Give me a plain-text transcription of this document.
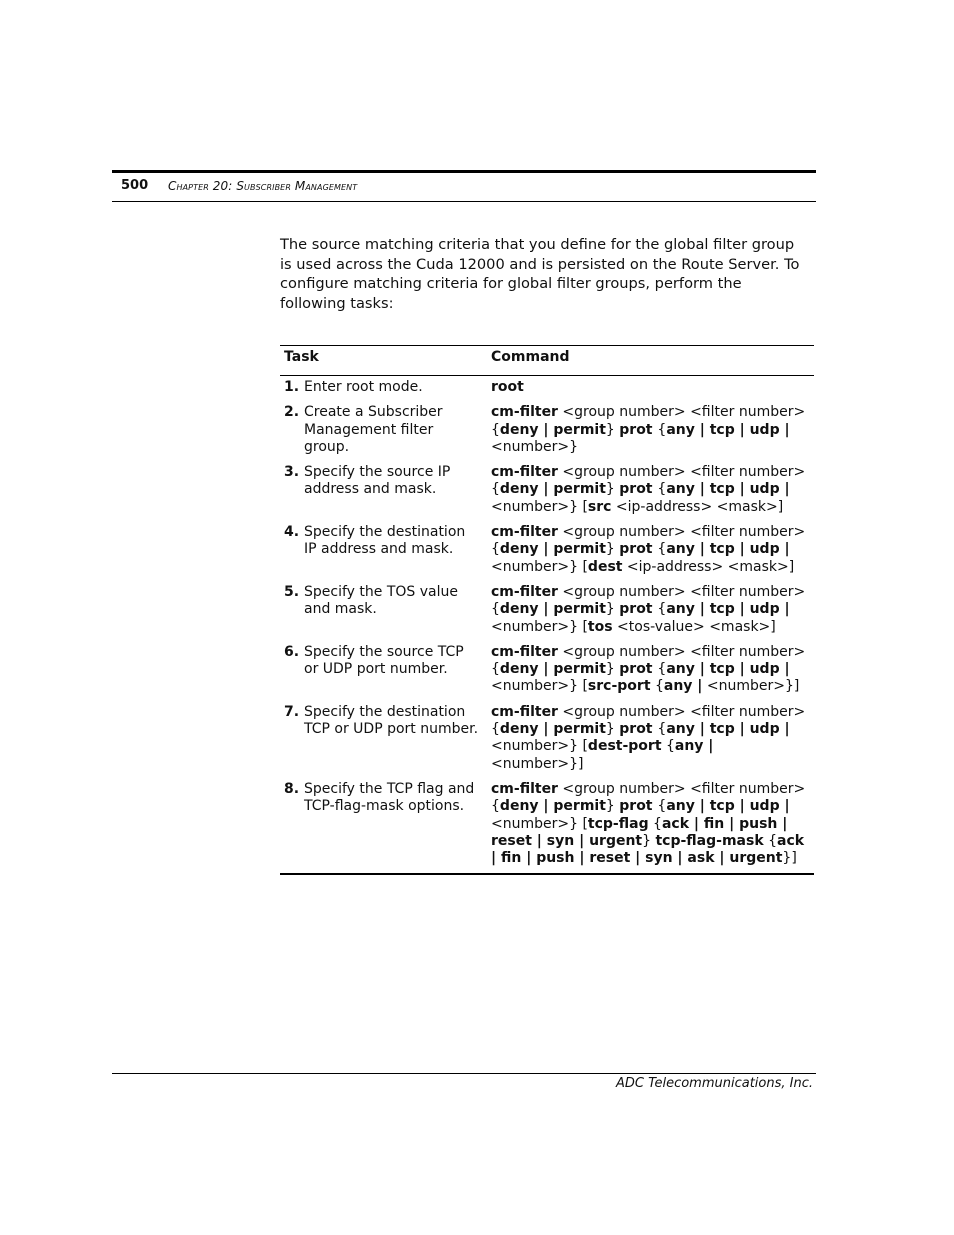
500 Chapter 20: Subscriber Management

The source matching criteria that you define for the global filter group is used across the Cuda 12000 and is persisted on the Route Server. To configure matching criteria for global filter groups, perform the following tasks:

Task	Command
1. Enter root mode.	root
2. Create a Subscriber Management filter group.	cm-filter <group number> <filter number> {deny | permit} prot {any | tcp | udp | <number>}
3. Specify the source IP address and mask.	cm-filter <group number> <filter number> {deny | permit} prot {any | tcp | udp | <number>} [src <ip-address> <mask>]
4. Specify the destination IP address and mask.	cm-filter <group number> <filter number> {deny | permit} prot {any | tcp | udp | <number>} [dest <ip-address> <mask>]
5. Specify the TOS value and mask.	cm-filter <group number> <filter number> {deny | permit} prot {any | tcp | udp | <number>} [tos <tos-value> <mask>]
6. Specify the source TCP or UDP port number.	cm-filter <group number> <filter number> {deny | permit} prot {any | tcp | udp | <number>} [src-port {any | <number>}]
7. Specify the destination TCP or UDP port number.	cm-filter <group number> <filter number> {deny | permit} prot {any | tcp | udp | <number>} [dest-port {any | <number>}]
8. Specify the TCP flag and TCP-flag-mask options.	cm-filter <group number> <filter number> {deny | permit} prot {any | tcp | udp | <number>} [tcp-flag {ack | fin | push | reset | syn | urgent} tcp-flag-mask {ack | fin | push | reset | syn | ask | urgent}]
ADC Telecommunications, Inc.
